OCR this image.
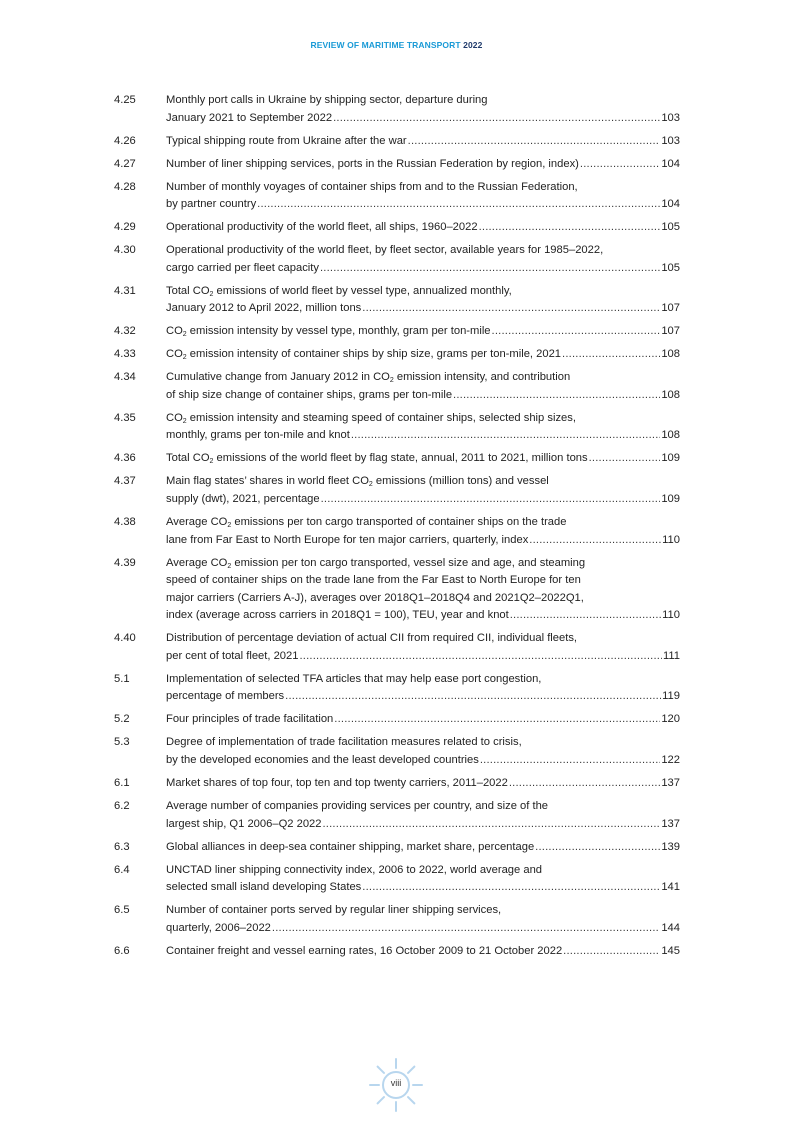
REVIEW OF MARITIME TRANSPORT 2022
4.25	Monthly port calls in Ukraine by shipping sector, departure during
January 2021 to September 2022 .....	103
4.26	Typical shipping route from Ukraine after the war .....	103
4.27	Number of liner shipping services, ports in the Russian Federation by region, index) .....	104
4.28	Number of monthly voyages of container ships from and to the Russian Federation,
by partner country .....	104
4.29	Operational productivity of the world fleet, all ships, 1960–2022 .....	105
4.30	Operational productivity of the world fleet, by fleet sector, available years for 1985–2022,
cargo carried per fleet capacity .....	105
4.31	Total $CO_2$ emissions of world fleet by vessel type, annualized monthly,
January 2012 to April 2022, million tons .....	107
4.32	$CO_2$ emission intensity by vessel type, monthly, gram per ton-mile .....	107
4.33	$CO_2$ emission intensity of container ships by ship size, grams per ton-mile, 2021 .....	108
4.34	Cumulative change from January 2012 in $CO_2$ emission intensity, and contribution
of ship size change of container ships, grams per ton-mile .....	108
4.35	$CO_2$ emission intensity and steaming speed of container ships, selected ship sizes,
monthly, grams per ton-mile and knot .....	108
4.36	Total $CO_2$ emissions of the world fleet by flag state, annual, 2011 to 2021, million tons .....	109
4.37	Main flag states’ shares in world fleet $CO_2$ emissions (million tons) and vessel
supply (dwt), 2021, percentage .....	109
4.38	Average $CO_2$ emissions per ton cargo transported of container ships on the trade
lane from Far East to North Europe for ten major carriers, quarterly, index .....	110
4.39	Average $CO_2$ emission per ton cargo transported, vessel size and age, and steaming
speed of container ships on the trade lane from the Far East to North Europe for ten
major carriers (Carriers A-J), averages over 2018Q1–2018Q4 and 2021Q2–2022Q1,
index (average across carriers in 2018Q1 = 100), TEU, year and knot .....	110
4.40	Distribution of percentage deviation of actual CII from required CII, individual fleets,
per cent of total fleet, 2021 .....	111
5.1	Implementation of selected TFA articles that may help ease port congestion,
percentage of members .....	119
5.2	Four principles of trade facilitation .....	120
5.3	Degree of implementation of trade facilitation measures related to crisis,
by the developed economies and the least developed countries .....	122
6.1	Market shares of top four, top ten and top twenty carriers, 2011–2022 .....	137
6.2	Average number of companies providing services per country, and size of the
largest ship, Q1 2006–Q2 2022 .....	137
6.3	Global alliances in deep-sea container shipping, market share, percentage .....	139
6.4	UNCTAD liner shipping connectivity index, 2006 to 2022, world average and
selected small island developing States .....	141
6.5	Number of container ports served by regular liner shipping services,
quarterly, 2006–2022 .....	144
6.6	Container freight and vessel earning rates, 16 October 2009 to 21 October 2022 .....	145
viii
